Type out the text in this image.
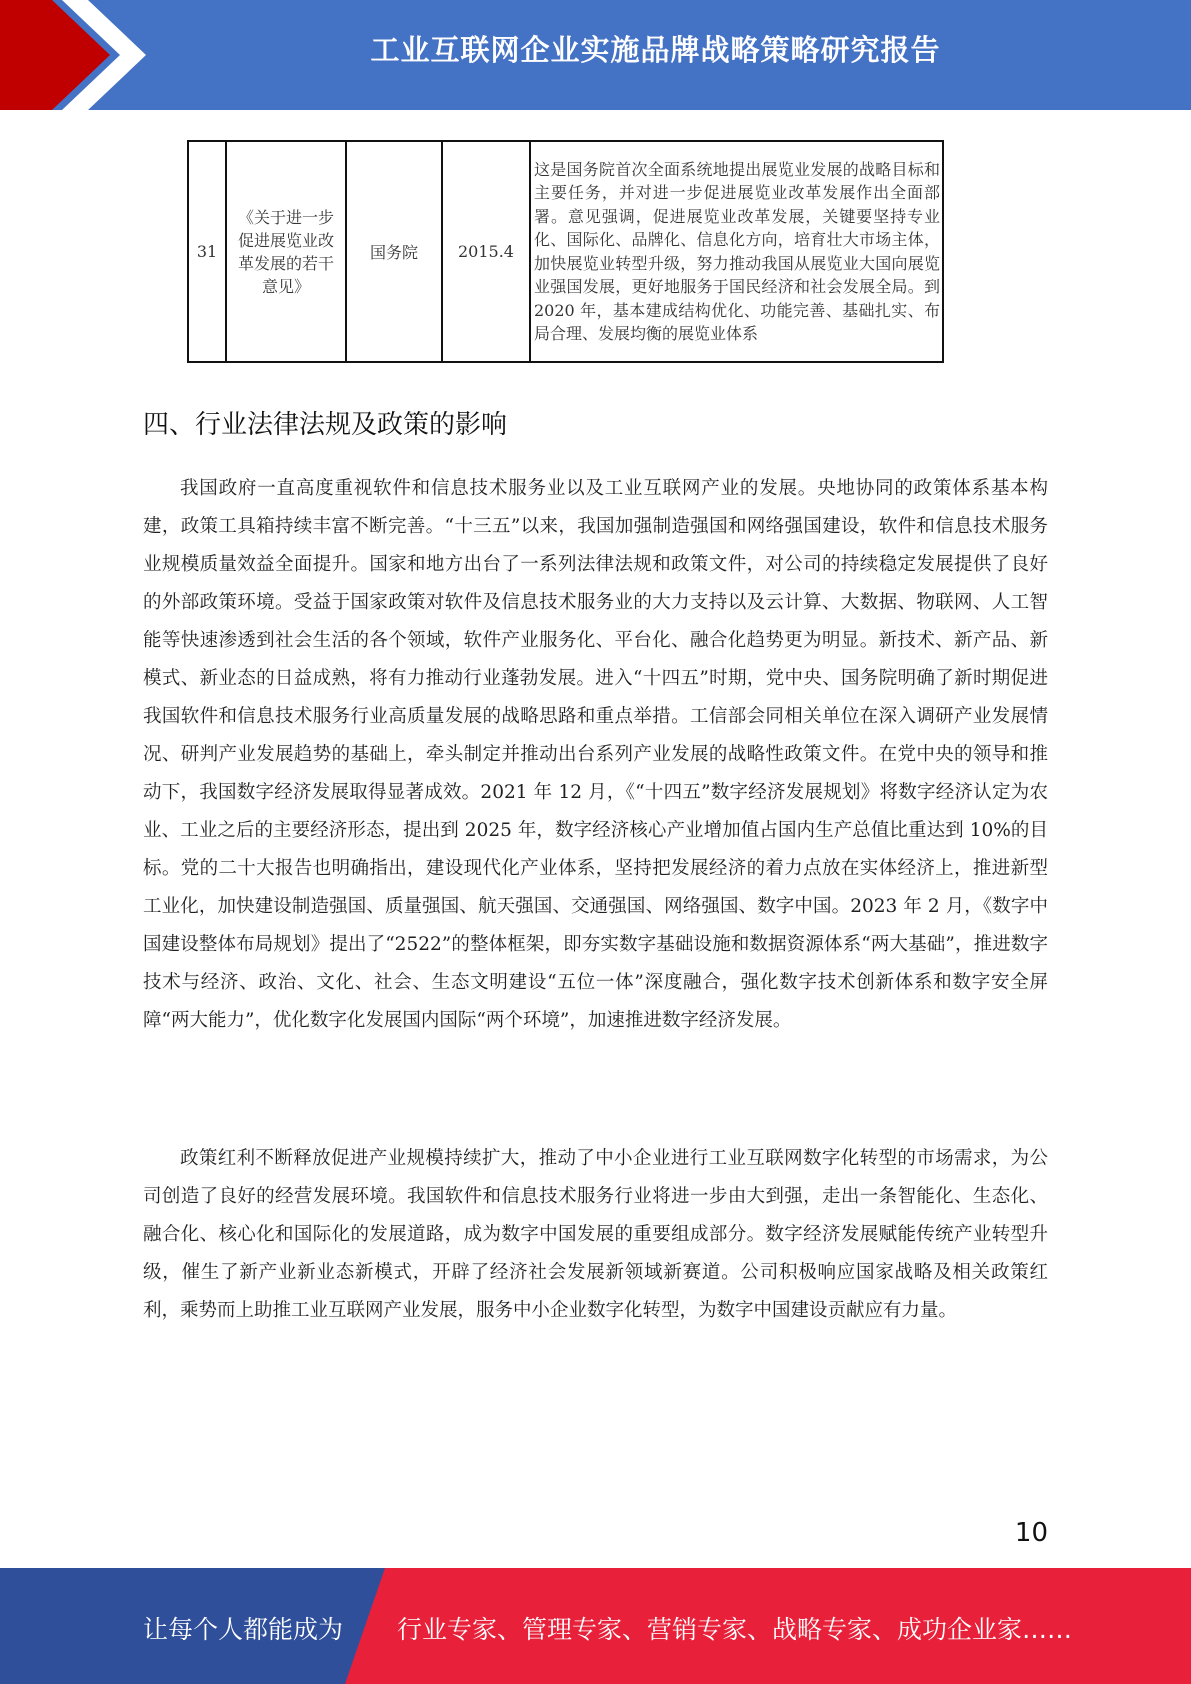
工业互联网企业实施品牌战略策略研究报告
31	《关于进一步促进展览业改革发展的若干意见》	国务院	2015.4	这是国务院首次全面系统地提出展览业发展的战略目标和主要任务，并对进一步促进展览业改革发展作出全面部署。意见强调，促进展览业改革发展，关键要坚持专业化、国际化、品牌化、信息化方向，培育壮大市场主体，加快展览业转型升级，努力推动我国从展览业大国向展览业强国发展，更好地服务于国民经济和社会发展全局。到 2020 年，基本建成结构优化、功能完善、基础扎实、布局合理、发展均衡的展览业体系
四、行业法律法规及政策的影响

我国政府一直高度重视软件和信息技术服务业以及工业互联网产业的发展。央地协同的政策体系基本构建，政策工具箱持续丰富不断完善。“十三五”以来，我国加强制造强国和网络强国建设，软件和信息技术服务业规模质量效益全面提升。国家和地方出台了一系列法律法规和政策文件，对公司的持续稳定发展提供了良好的外部政策环境。受益于国家政策对软件及信息技术服务业的大力支持以及云计算、大数据、物联网、人工智能等快速渗透到社会生活的各个领域，软件产业服务化、平台化、融合化趋势更为明显。新技术、新产品、新模式、新业态的日益成熟，将有力推动行业蓬勃发展。进入“十四五”时期，党中央、国务院明确了新时期促进我国软件和信息技术服务行业高质量发展的战略思路和重点举措。工信部会同相关单位在深入调研产业发展情况、研判产业发展趋势的基础上，牵头制定并推动出台系列产业发展的战略性政策文件。在党中央的领导和推动下，我国数字经济发展取得显著成效。2021 年 12 月，《“十四五”数字经济发展规划》将数字经济认定为农业、工业之后的主要经济形态，提出到 2025 年，数字经济核心产业增加值占国内生产总值比重达到 10%的目标。党的二十大报告也明确指出，建设现代化产业体系，坚持把发展经济的着力点放在实体经济上，推进新型工业化，加快建设制造强国、质量强国、航天强国、交通强国、网络强国、数字中国。2023 年 2 月，《数字中国建设整体布局规划》提出了“2522”的整体框架，即夯实数字基础设施和数据资源体系“两大基础”，推进数字技术与经济、政治、文化、社会、生态文明建设“五位一体”深度融合，强化数字技术创新体系和数字安全屏障“两大能力”，优化数字化发展国内国际“两个环境”，加速推进数字经济发展。

政策红利不断释放促进产业规模持续扩大，推动了中小企业进行工业互联网数字化转型的市场需求，为公司创造了良好的经营发展环境。我国软件和信息技术服务行业将进一步由大到强，走出一条智能化、生态化、融合化、核心化和国际化的发展道路，成为数字中国发展的重要组成部分。数字经济发展赋能传统产业转型升级，催生了新产业新业态新模式，开辟了经济社会发展新领域新赛道。公司积极响应国家战略及相关政策红利，乘势而上助推工业互联网产业发展，服务中小企业数字化转型，为数字中国建设贡献应有力量。

10
让每个人都能成为 行业专家、管理专家、营销专家、战略专家、成功企业家……
